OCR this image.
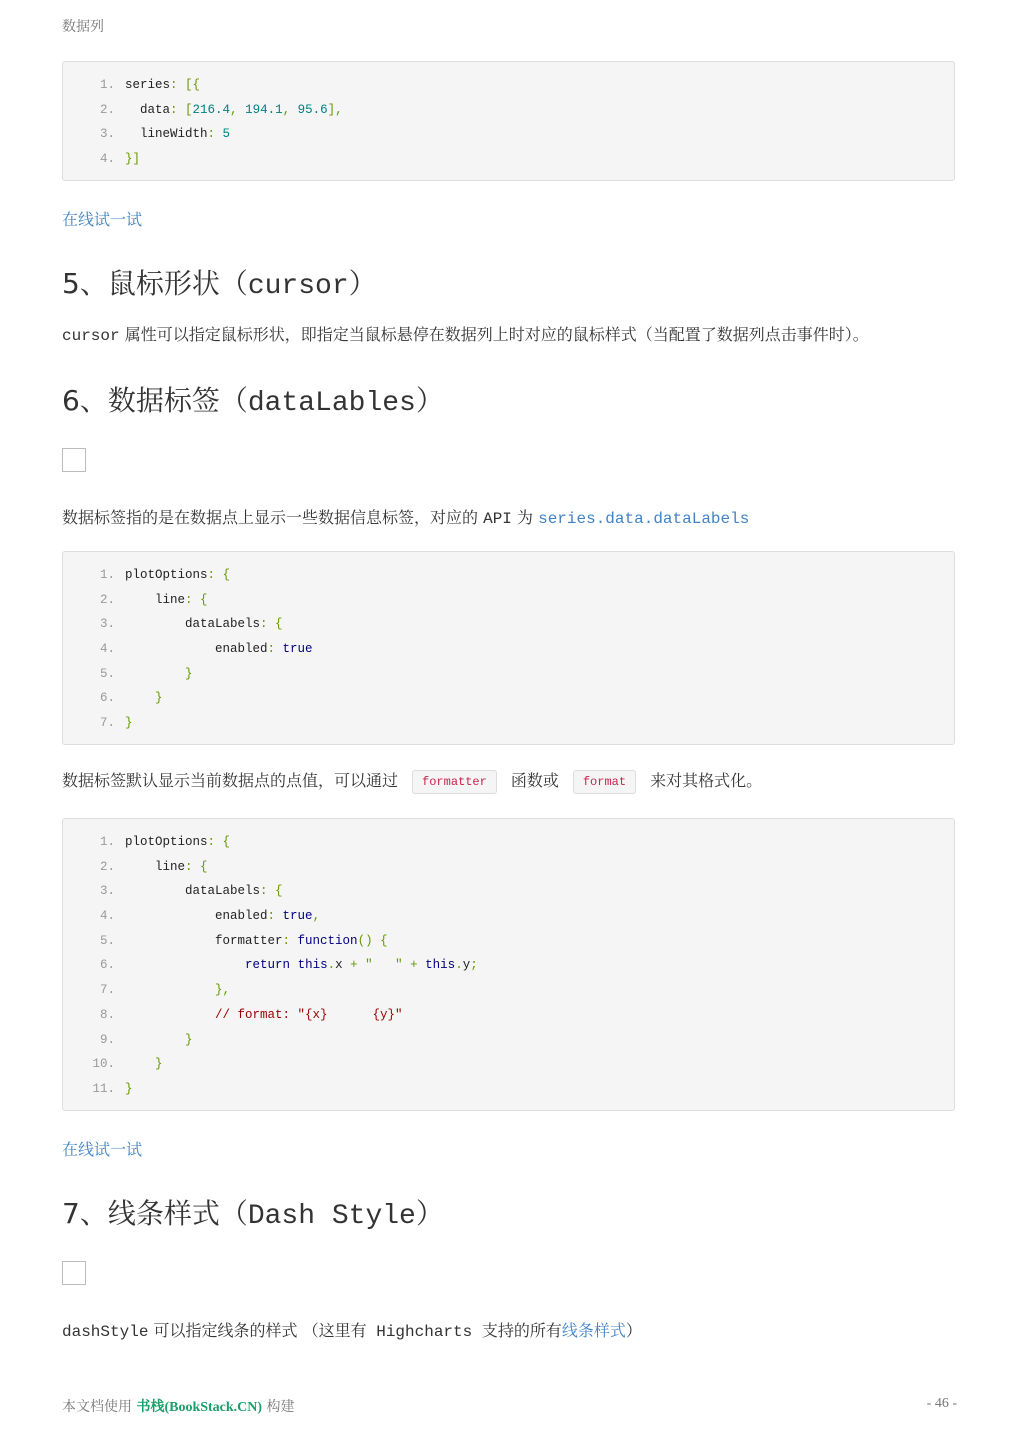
数据列
1. series: [{
2.  data: [216.4, 194.1, 95.6],
3.  lineWidth: 5
4. }]
在线试一试
5、鼠标形状（cursor）
cursor 属性可以指定鼠标形状，即指定当鼠标悬停在数据列上时对应的鼠标样式（当配置了数据列点击事件时）。
6、数据标签（dataLables）
数据标签指的是在数据点上显示一些数据信息标签，对应的 API 为 series.data.dataLabels
1. plotOptions: {
2.    line: {
3.        dataLabels: {
4.            enabled: true
5.        }
6.    }
7. }
数据标签默认显示当前数据点的点值，可以通过 formatter 函数或 format 来对其格式化。
1. plotOptions: {
2.    line: {
3.        dataLabels: {
4.            enabled: true,
5.            formatter: function() {
6.	return this.x + "   " + this.y;
7.            },
8.            // format: "{x}      {y}"
9.        }
10.    }
11. }
在线试一试
7、线条样式（Dash Style）
dashStyle 可以指定线条的样式 （这里有 Highcharts 支持的所有线条样式）
本文档使用 书栈(BookStack.CN) 构建	- 46 -
